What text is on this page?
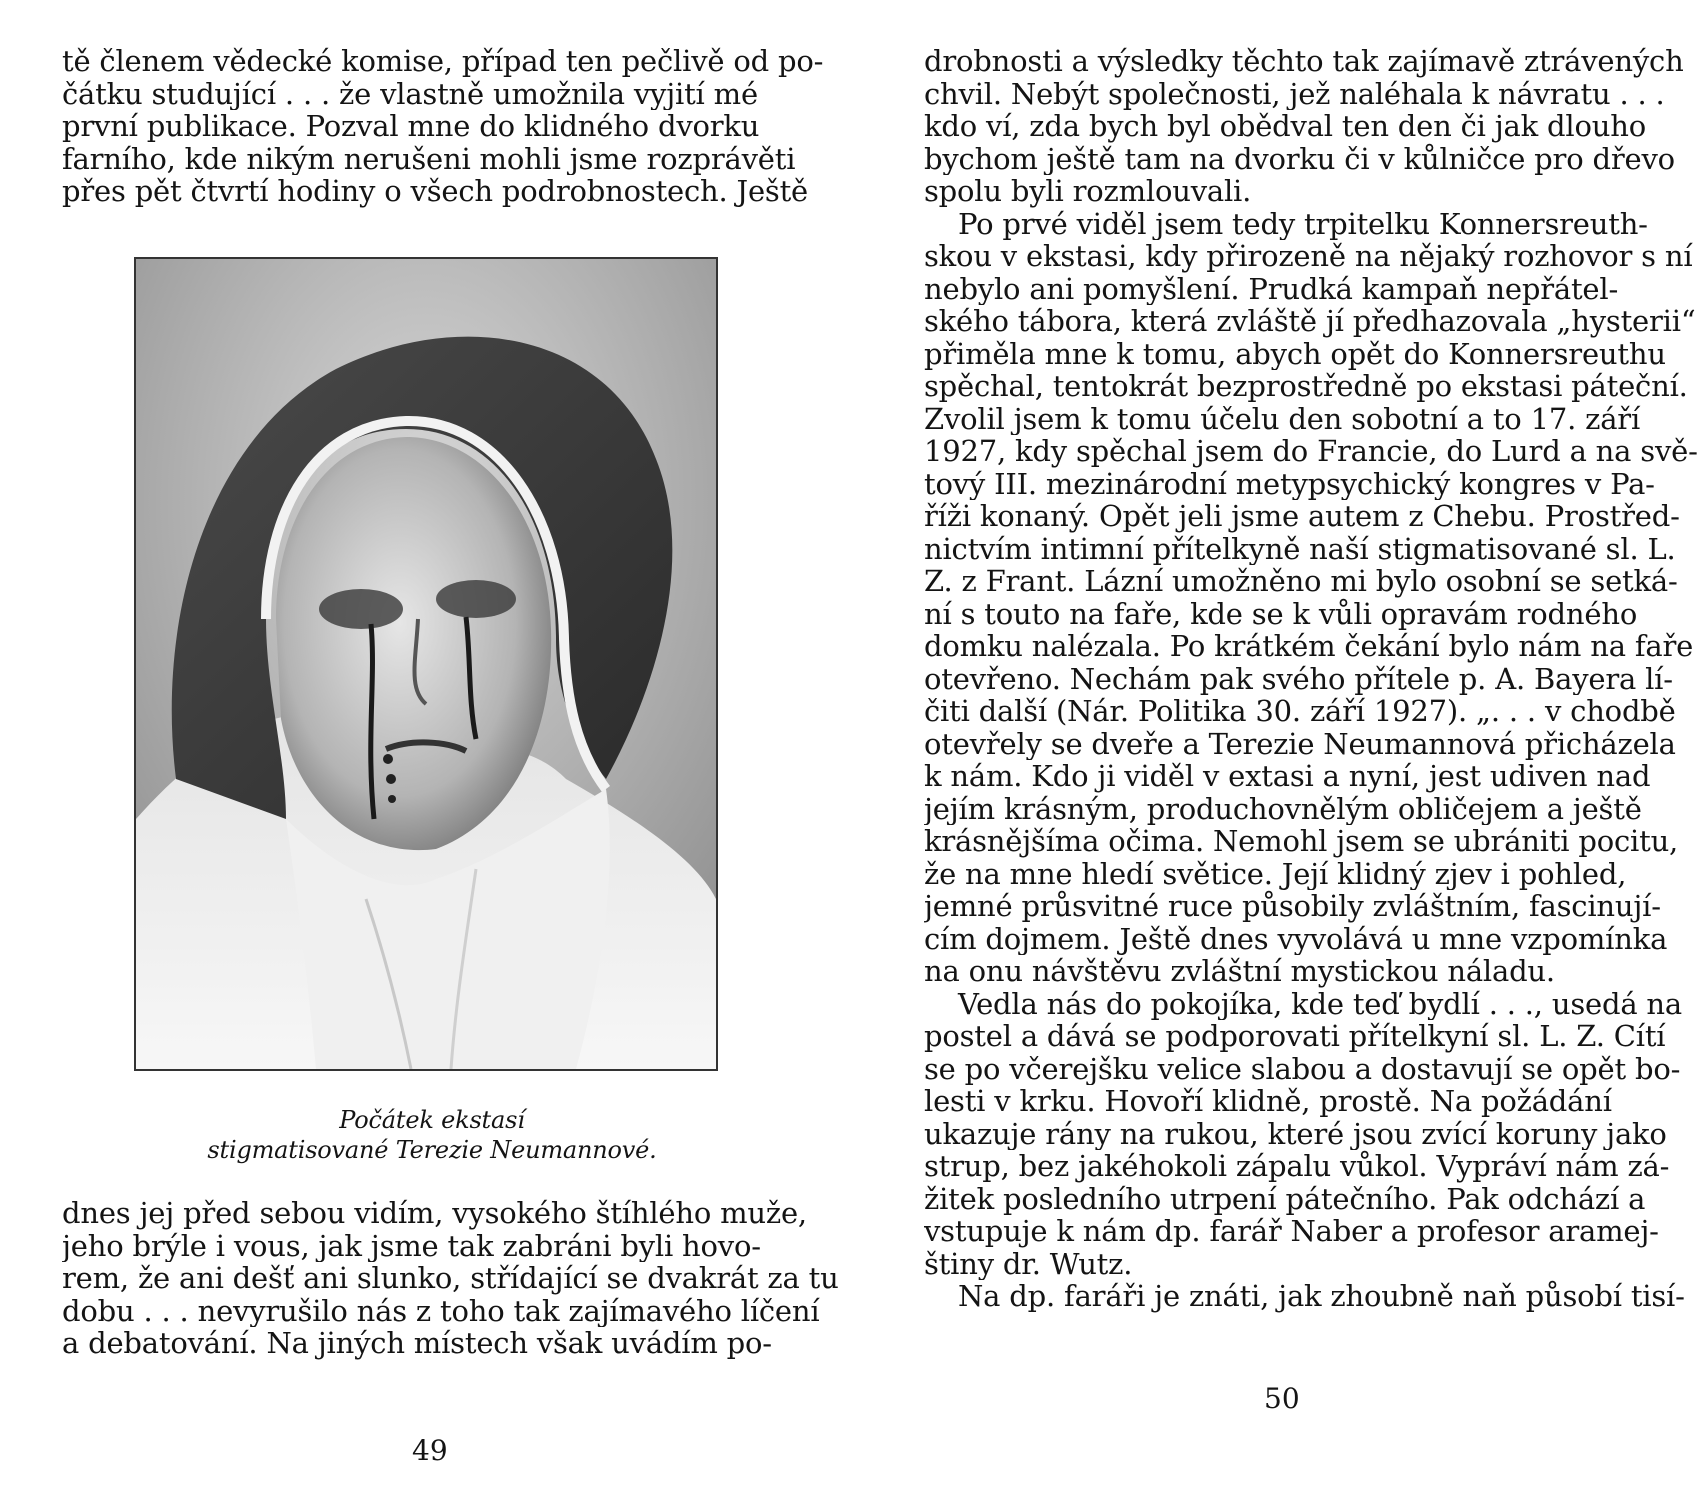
tě členem vědecké komise, případ ten pečlivě od po-
čátku studující . . . že vlastně umožnila vyjití mé
první publikace. Pozval mne do klidného dvorku
farního, kde nikým nerušeni mohli jsme rozprávěti
přes pět čtvrtí hodiny o všech podrobnostech. Ještě
Počátek ekstasí
stigmatisované Terezie Neumannové.
dnes jej před sebou vidím, vysokého štíhlého muže,
jeho brýle i vous, jak jsme tak zabráni byli hovo-
rem, že ani dešť ani slunko, střídající se dvakrát za tu
dobu . . . nevyrušilo nás z toho tak zajímavého líčení
a debatování. Na jiných místech však uvádím po-
49
drobnosti a výsledky těchto tak zajímavě ztrávených
chvil. Nebýt společnosti, jež naléhala k návratu . . .
kdo ví, zda bych byl obědval ten den či jak dlouho
bychom ještě tam na dvorku či v kůlničce pro dřevo
spolu byli rozmlouvali.
Po prvé viděl jsem tedy trpitelku Konnersreuth-
skou v ekstasi, kdy přirozeně na nějaký rozhovor s ní
nebylo ani pomyšlení. Prudká kampaň nepřátel-
ského tábora, která zvláště jí předhazovala „hysterii“
přiměla mne k tomu, abych opět do Konnersreuthu
spěchal, tentokrát bezprostředně po ekstasi páteční.
Zvolil jsem k tomu účelu den sobotní a to 17. září
1927, kdy spěchal jsem do Francie, do Lurd a na svě-
tový III. mezinárodní metypsychický kongres v Pa-
říži konaný. Opět jeli jsme autem z Chebu. Prostřed-
nictvím intimní přítelkyně naší stigmatisované sl. L.
Z. z Frant. Lázní umožněno mi bylo osobní se setká-
ní s touto na faře, kde se k vůli opravám rodného
domku nalézala. Po krátkém čekání bylo nám na faře
otevřeno. Nechám pak svého přítele p. A. Bayera lí-
čiti další (Nár. Politika 30. září 1927). „. . . v chodbě
otevřely se dveře a Terezie Neumannová přicházela
k nám. Kdo ji viděl v extasi a nyní, jest udiven nad
jejím krásným, produchovnělým obličejem a ještě
krásnějšíma očima. Nemohl jsem se ubrániti pocitu,
že na mne hledí světice. Její klidný zjev i pohled,
jemné průsvitné ruce působily zvláštním, fascinují-
cím dojmem. Ještě dnes vyvolává u mne vzpomínka
na onu návštěvu zvláštní mystickou náladu.
Vedla nás do pokojíka, kde teď bydlí . . ., usedá na
postel a dává se podporovati přítelkyní sl. L. Z. Cítí
se po včerejšku velice slabou a dostavují se opět bo-
lesti v krku. Hovoří klidně, prostě. Na požádání
ukazuje rány na rukou, které jsou zvící koruny jako
strup, bez jakéhokoli zápalu vůkol. Vypráví nám zá-
žitek posledního utrpení pátečního. Pak odchází a
vstupuje k nám dp. farář Naber a profesor aramej-
štiny dr. Wutz.
Na dp. faráři je znáti, jak zhoubně naň působí tisí-
50
